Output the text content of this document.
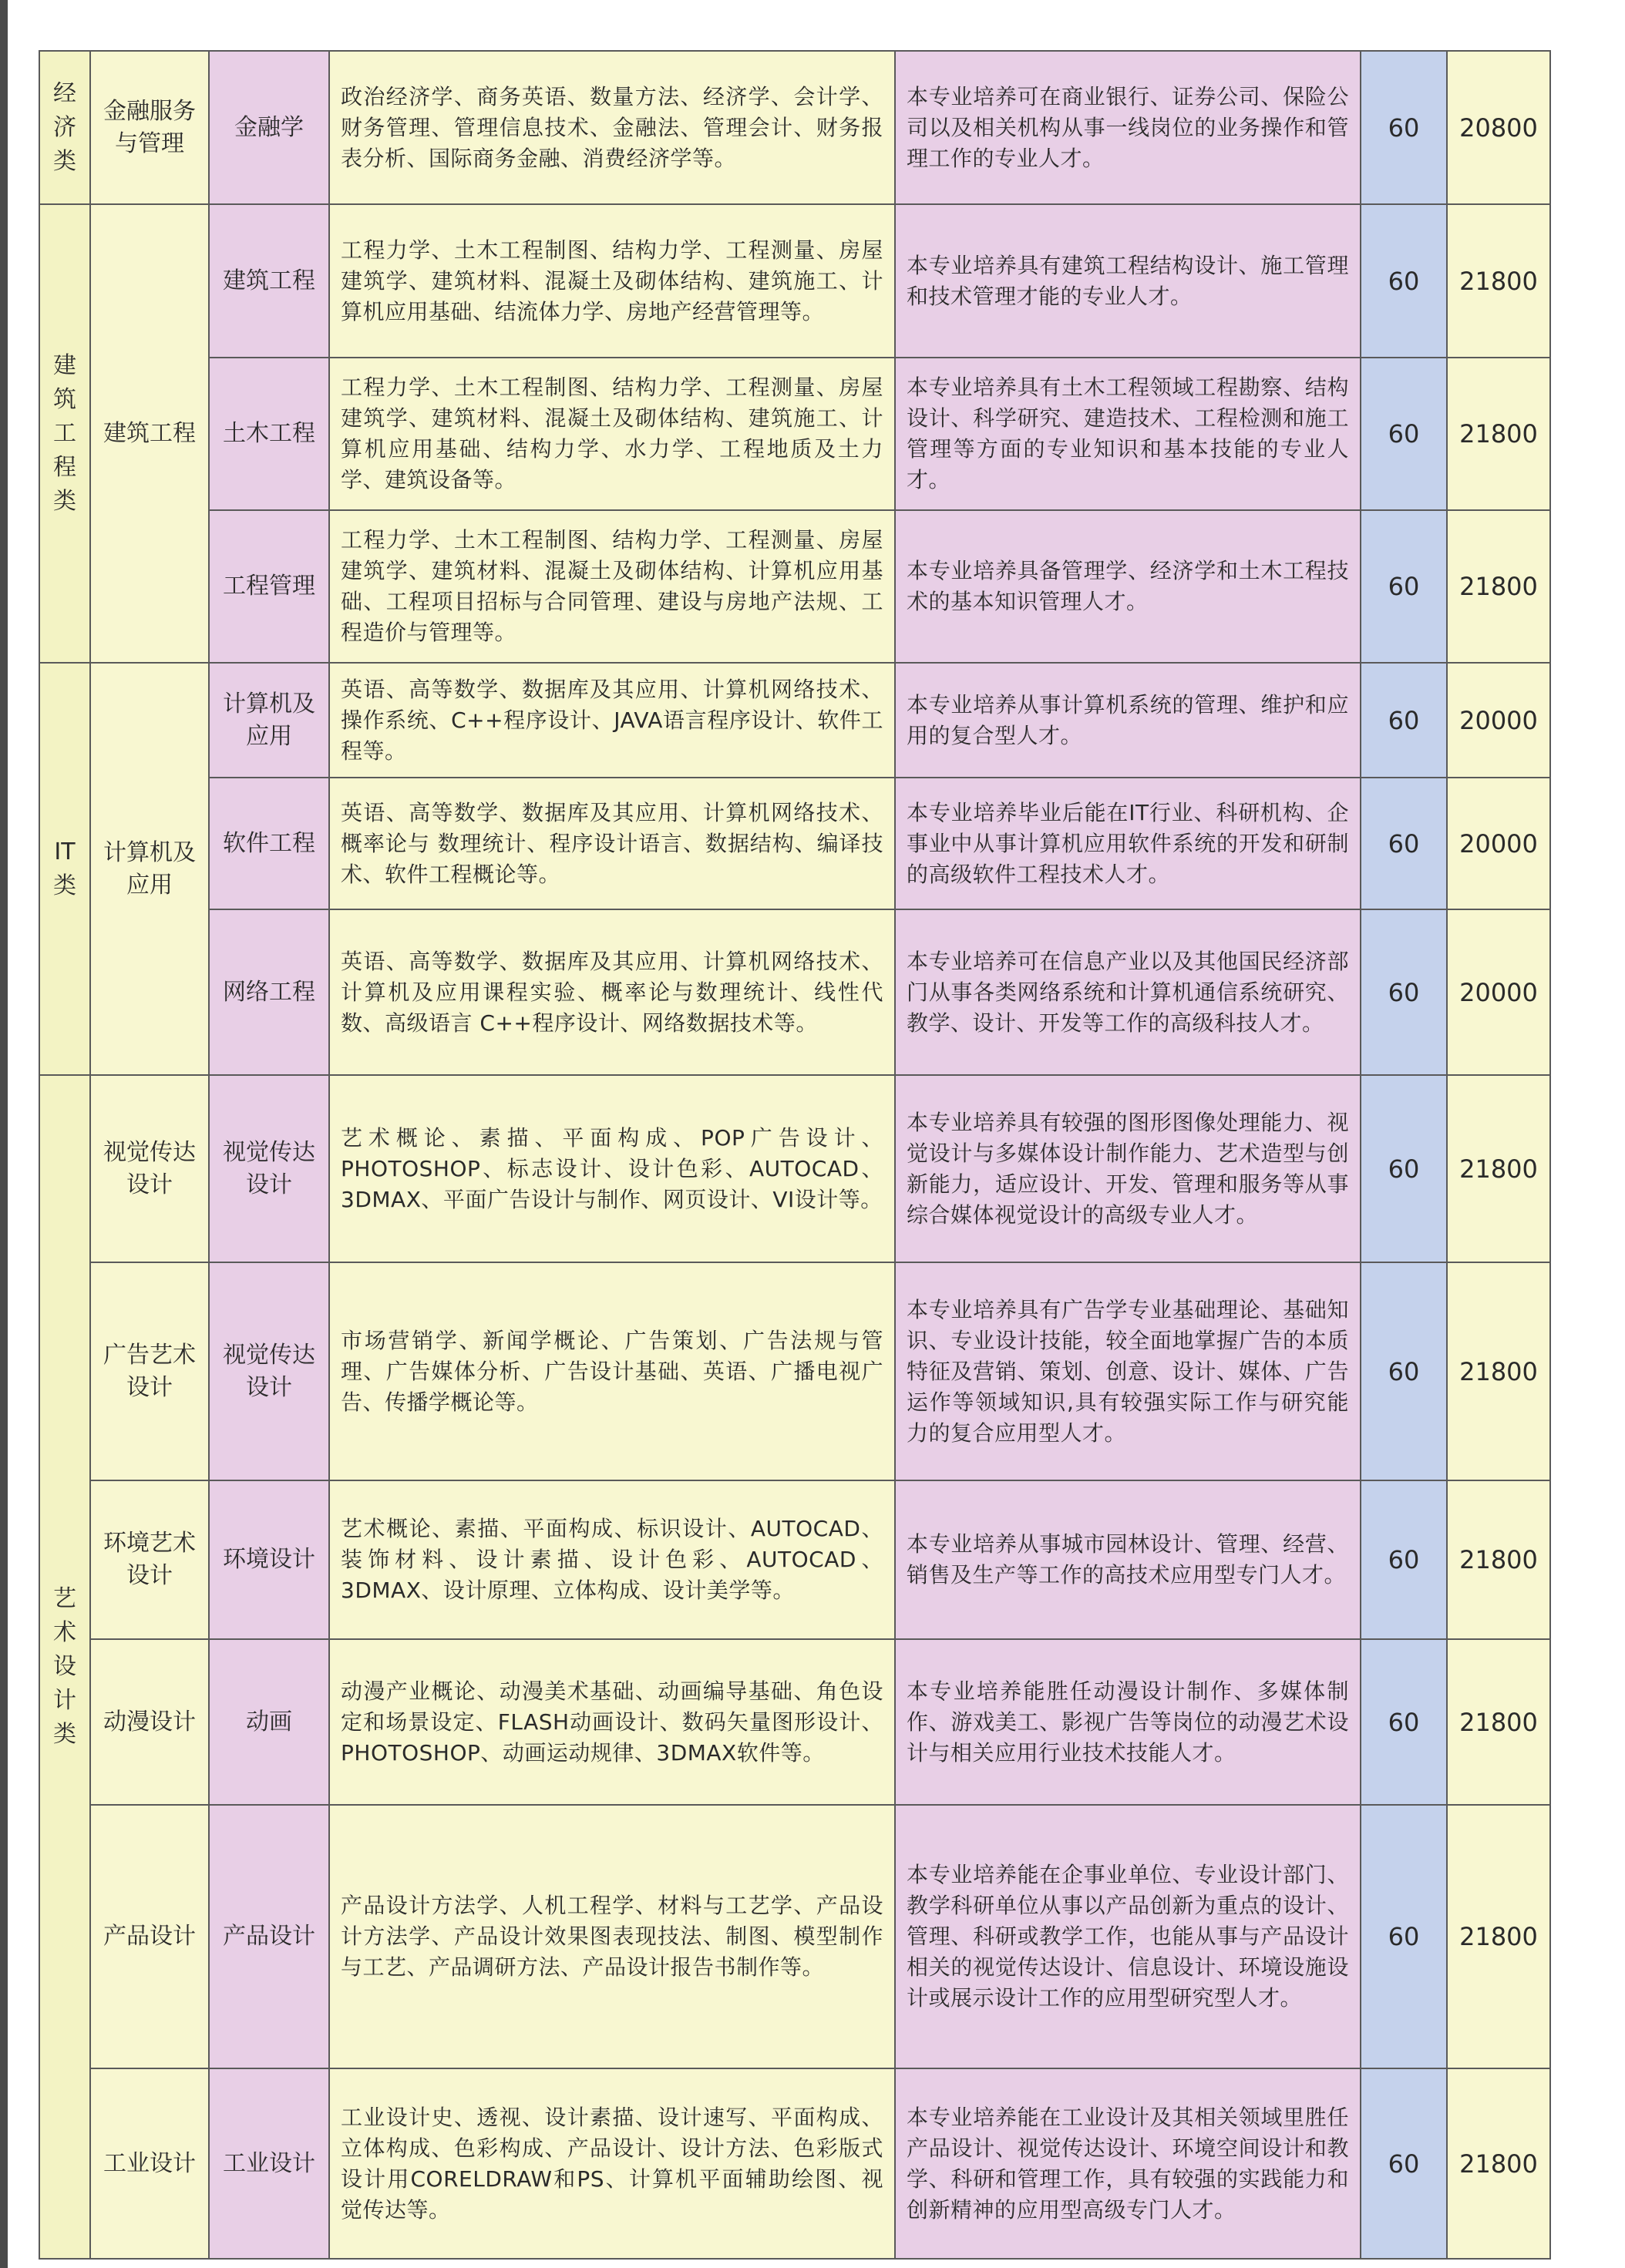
经济类	金融服务与管理	金融学	政治经济学、商务英语、数量方法、经济学、会计学、财务管理、管理信息技术、金融法、管理会计、财务报表分析、国际商务金融、消费经济学等。	本专业培养可在商业银行、证券公司、保险公司以及相关机构从事一线岗位的业务操作和管理工作的专业人才。	60	20800
建筑工程类	建筑工程	建筑工程	工程力学、土木工程制图、结构力学、工程测量、房屋建筑学、建筑材料、混凝土及砌体结构、建筑施工、计算机应用基础、结流体力学、房地产经营管理等。	本专业培养具有建筑工程结构设计、施工管理和技术管理才能的专业人才。	60	21800
		土木工程	工程力学、土木工程制图、结构力学、工程测量、房屋建筑学、建筑材料、混凝土及砌体结构、建筑施工、计算机应用基础、结构力学、水力学、工程地质及土力学、建筑设备等。	本专业培养具有土木工程领域工程勘察、结构设计、科学研究、建造技术、工程检测和施工管理等方面的专业知识和基本技能的专业人才。	60	21800
		工程管理	工程力学、土木工程制图、结构力学、工程测量、房屋建筑学、建筑材料、混凝土及砌体结构、计算机应用基础、工程项目招标与合同管理、建设与房地产法规、工程造价与管理等。	本专业培养具备管理学、经济学和土木工程技术的基本知识管理人才。	60	21800
IT类	计算机及应用	计算机及应用	英语、高等数学、数据库及其应用、计算机网络技术、操作系统、C++程序设计、JAVA语言程序设计、软件工程等。	本专业培养从事计算机系统的管理、维护和应用的复合型人才。	60	20000
		软件工程	英语、高等数学、数据库及其应用、计算机网络技术、概率论与 数理统计、程序设计语言、数据结构、编译技术、软件工程概论等。	本专业培养毕业后能在IT行业、科研机构、企事业中从事计算机应用软件系统的开发和研制的高级软件工程技术人才。	60	20000
		网络工程	英语、高等数学、数据库及其应用、计算机网络技术、计算机及应用课程实验、概率论与数理统计、线性代数、高级语言 C++程序设计、网络数据技术等。	本专业培养可在信息产业以及其他国民经济部门从事各类网络系统和计算机通信系统研究、教学、设计、开发等工作的高级科技人才。	60	20000
艺术设计类	视觉传达设计	视觉传达设计	艺术概论、素描、平面构成、POP广告设计、PHOTOSHOP、标志设计、设计色彩、AUTOCAD、3DMAX、平面广告设计与制作、网页设计、VI设计等。	本专业培养具有较强的图形图像处理能力、视觉设计与多媒体设计制作能力、艺术造型与创新能力，适应设计、开发、管理和服务等从事综合媒体视觉设计的高级专业人才。	60	21800
	广告艺术设计	视觉传达设计	市场营销学、新闻学概论、广告策划、广告法规与管理、广告媒体分析、广告设计基础、英语、广播电视广告、传播学概论等。	本专业培养具有广告学专业基础理论、基础知识、专业设计技能，较全面地掌握广告的本质特征及营销、策划、创意、设计、媒体、广告运作等领域知识,具有较强实际工作与研究能力的复合应用型人才。	60	21800
	环境艺术设计	环境设计	艺术概论、素描、平面构成、标识设计、AUTOCAD、装饰材料、设计素描、设计色彩、AUTOCAD、3DMAX、设计原理、立体构成、设计美学等。	本专业培养从事城市园林设计、管理、经营、销售及生产等工作的高技术应用型专门人才。	60	21800
	动漫设计	动画	动漫产业概论、动漫美术基础、动画编导基础、角色设定和场景设定、FLASH动画设计、数码矢量图形设计、PHOTOSHOP、动画运动规律、3DMAX软件等。	本专业培养能胜任动漫设计制作、多媒体制作、游戏美工、影视广告等岗位的动漫艺术设计与相关应用行业技术技能人才。	60	21800
	产品设计	产品设计	产品设计方法学、人机工程学、材料与工艺学、产品设计方法学、产品设计效果图表现技法、制图、模型制作与工艺、产品调研方法、产品设计报告书制作等。	本专业培养能在企事业单位、专业设计部门、教学科研单位从事以产品创新为重点的设计、管理、科研或教学工作，也能从事与产品设计相关的视觉传达设计、信息设计、环境设施设计或展示设计工作的应用型研究型人才。	60	21800
	工业设计	工业设计	工业设计史、透视、设计素描、设计速写、平面构成、立体构成、色彩构成、产品设计、设计方法、色彩版式设计用CORELDRAW和PS、计算机平面辅助绘图、视觉传达等。	本专业培养能在工业设计及其相关领域里胜任产品设计、视觉传达设计、环境空间设计和教学、科研和管理工作，具有较强的实践能力和创新精神的应用型高级专门人才。	60	21800
